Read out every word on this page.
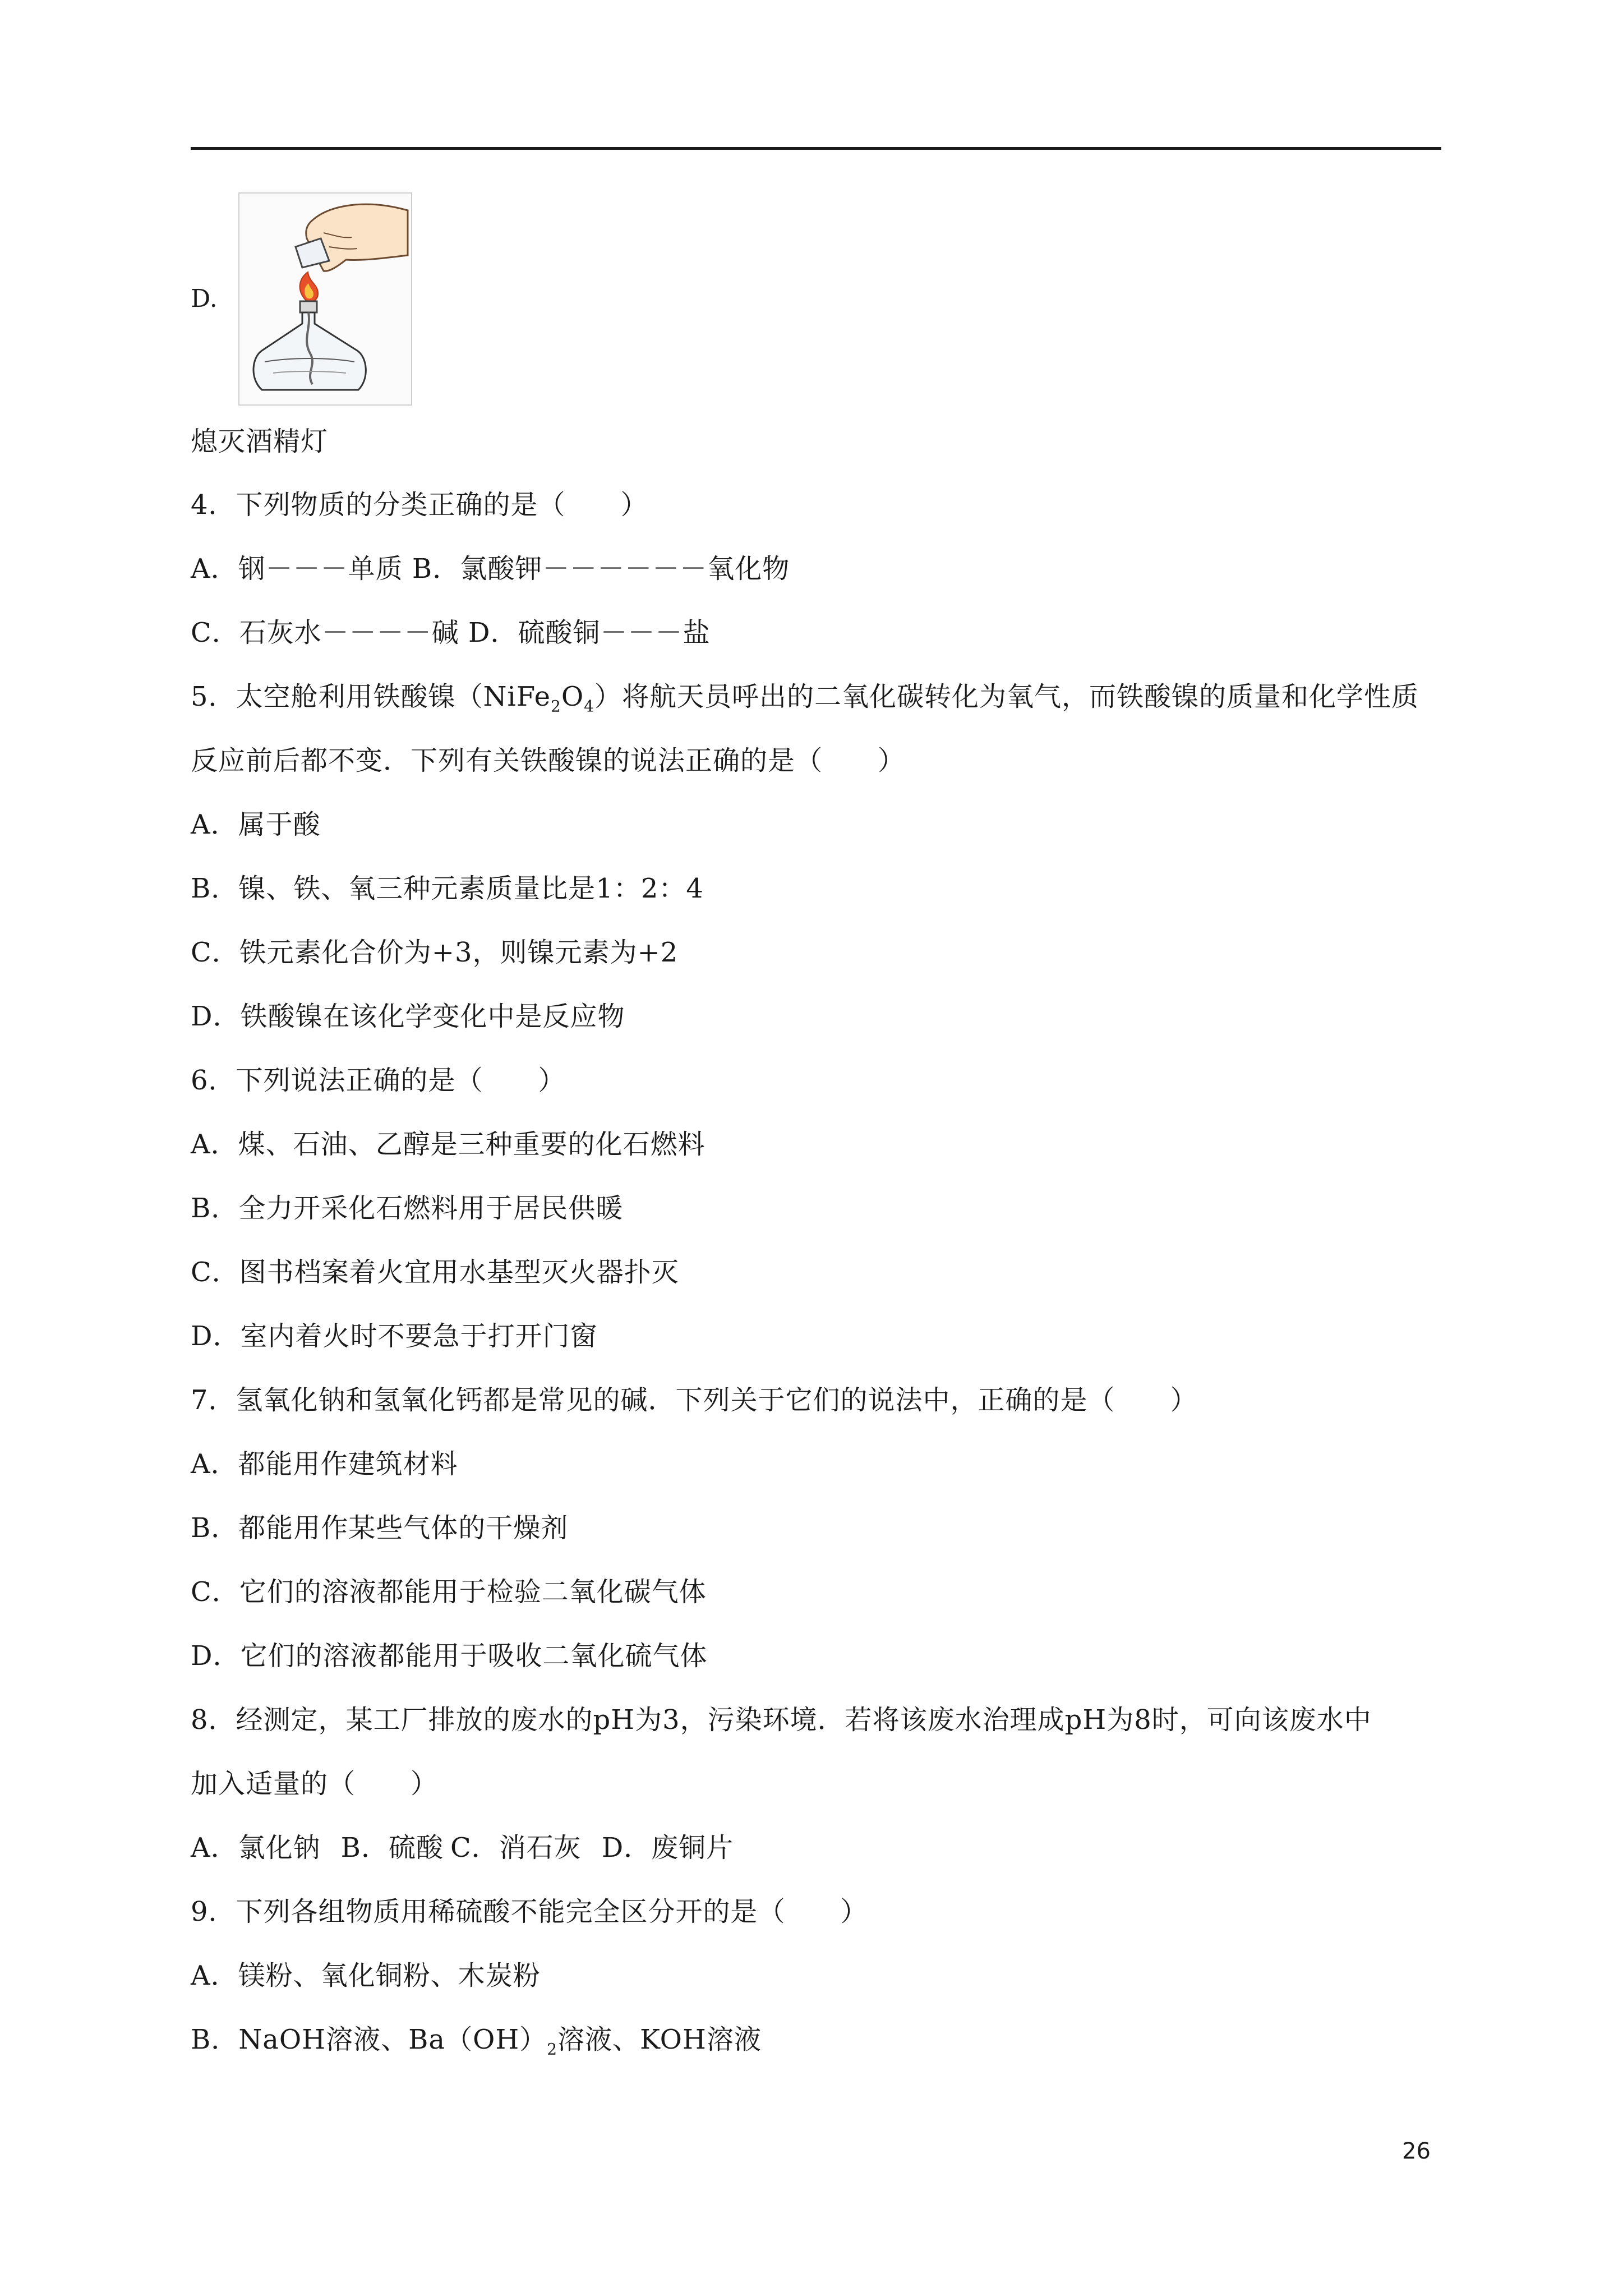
D.
熄灭酒精灯
4．下列物质的分类正确的是（　　）
A．钢－－－单质 B．氯酸钾－－－－－－氧化物
C．石灰水－－－－碱 D．硫酸铜－－－盐
5．太空舱利用铁酸镍$(NiFe_2O_4)$将航天员呼出的二氧化碳转化为氧气，而铁酸镍的质量和化学性质
反应前后都不变．下列有关铁酸镍的说法正确的是（　　）
A．属于酸
B．镍、铁、氧三种元素质量比是1：2：4
C．铁元素化合价为+3，则镍元素为+2
D．铁酸镍在该化学变化中是反应物
6．下列说法正确的是（　　）
A．煤、石油、乙醇是三种重要的化石燃料
B．全力开采化石燃料用于居民供暖
C．图书档案着火宜用水基型灭火器扑灭
D．室内着火时不要急于打开门窗
7．氢氧化钠和氢氧化钙都是常见的碱．下列关于它们的说法中，正确的是（　　）
A．都能用作建筑材料
B．都能用作某些气体的干燥剂
C．它们的溶液都能用于检验二氧化碳气体
D．它们的溶液都能用于吸收二氧化硫气体
8．经测定，某工厂排放的废水的pH为3，污染环境．若将该废水治理成pH为8时，可向该废水中
加入适量的（　　）
A．氯化钠 B．硫酸 C．消石灰 D．废铜片
9．下列各组物质用稀硫酸不能完全区分开的是（　　）
A．镁粉、氧化铜粉、木炭粉
B．NaOH溶液、$Ba(OH)_2$溶液、KOH溶液
26
